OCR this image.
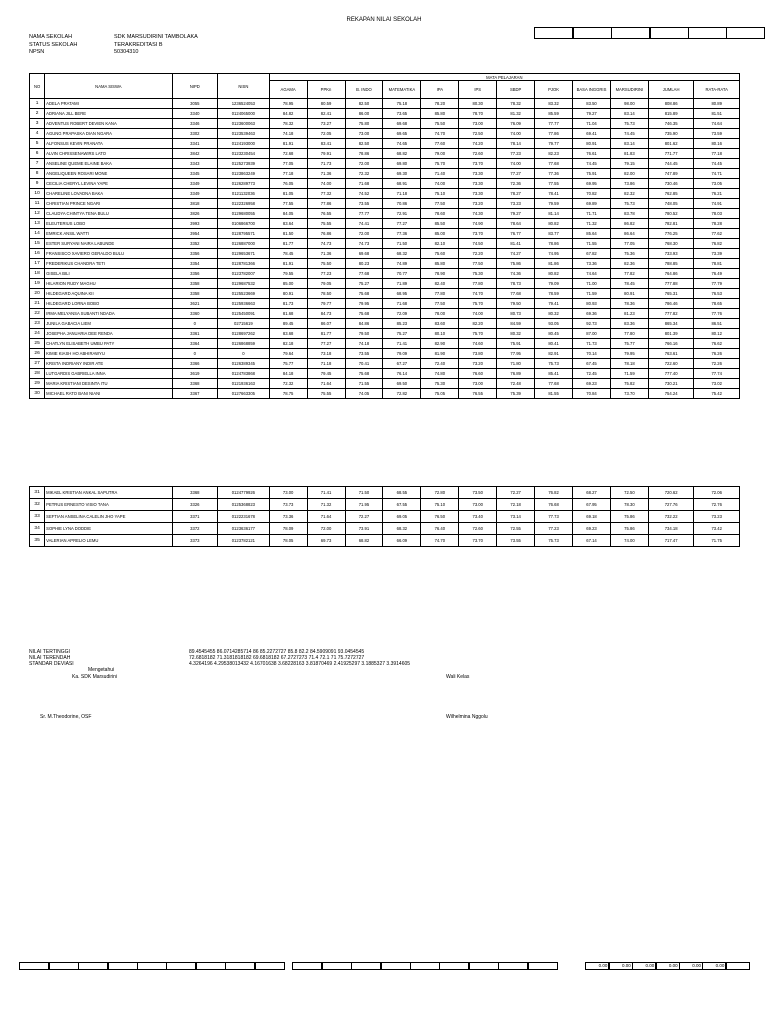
REKAPAN NILAI SEKOLAH
NAMA SEKOLAH	SDK MARSUDIRINI TAMBOLAKA
STATUS SEKOLAH	TERAKREDITASI B
NPSN	50304310
NO	NAMA SISWA	NIPD	NISN	MATA PELAJARAN											
				AGAMA	PPKn	B. INDO	MATEMATIKA	IPA	IPS	SBDP	PJOK	BASA INGGRIS	MARSUDIRINI	JUMLAH	RATA-RATA
1	ADELA PRATAMI	3055	1236524053	78.95	80.59	82.50	75.18	78.20	80.30	78.32	83.32	83.50	98.00	808.86	80.89
2	ADRIANA JILL BERE	3340	0124065000	84.82	82.41	86.00	73.65	85.80	78.70	81.32	85.59	79.27	83.14	815.89	81.51
3	ADVENTUS ROBERT DEVIEN KANA	3346	0123600063	78.32	73.27	75.80	69.68	75.50	73.00	76.09	77.77	71.04	75.73	746.35	74.64
4	AGUNG PRAPASKA DIAN NGARA	3302	0123539463	74.18	72.05	73.00	69.65	74.70	72.50	74.00	77.86	69.41	74.45	735.90	73.59
5	ALFONSUS KEVIN PRANATA	3341	0124193000	81.91	83.41	82.50	74.65	77.60	74.20	78.14	79.77	80.91	83.14	801.62	80.16
6	ALVIN CHRISSENAWIRS LATO	3842	0123230454	72.68	79.91	78.86	68.82	79.00	72.60	77.23	82.23	76.61	81.83	771.77	77.18
7	ANSELINE QUEME ELAINE BAKA	3343	0125273939	77.05	71.73	72.00	69.80	75.70	73.70	74.00	77.68	74.45	79.15	744.45	74.45
8	ANGELIQUEEN ROSARI MONE	3345	0123863249	77.18	71.36	72.32	69.30	71.40	73.30	77.27	77.36	75.91	82.00	747.89	74.71
9	CECILIA CHERYL LEVINA YAPE	3349	0126289773	76.05	74.00	71.68	68.91	74.00	73.30	72.36	77.55	69.95	73.86	730.46	73.05
10	CHARELINE LOVADNA BAKA	3349	0121132036	81.05	77.32	74.52	71.18	75.10	73.30	78.27	78.41	70.82	82.32	762.85	76.21
11	CHRISTIAN PRINCE NGARI	3818	0122326958	77.55	77.86	73.55	70.86	77.50	73.20	73.23	79.59	69.89	75.73	748.05	74.91
12	CLAUDYA CHINTYA TENA BULU	3826	0129680055	84.05	76.55	77.77	72.91	78.60	74.30	79.27	81.14	71.71	83.78	780.52	78.03
13	ELEUTERIUS LOBO	3993	0106866700	83.64	75.55	74.41	77.27	85.50	74.90	78.64	80.82	71.32	86.82	782.81	78.28
14	EMRICK ANSIL WATTI	3954	0128795571	81.50	76.86	72.00	77.36	85.00	73.70	76.77	83.77	85.64	86.64	776.25	77.62
15	ESTER SURYANI NAIRA LABUNDE	3352	0126887000	81.77	74.73	74.73	71.50	82.10	74.50	81.41	78.86	71.55	77.05	768.30	76.82
16	FRANSISCO XAVIERO GERALDO BULU	3356	0129653671	78.45	71.36	69.68	68.32	75.60	72.20	74.27	74.95	67.82	75.36	733.93	73.39
17	FREDERIKUS CHANDRA TETI	3354	0128781366	81.91	75.50	80.23	74.89	85.80	77.50	75.86	81.86	73.36	82.36	788.85	78.81
18	GISELA BILI	3356	0123782007	79.55	77.23	77.68	70.77	78.90	75.30	74.36	80.82	74.64	77.82	764.86	76.49
19	HILARION RUDY MAGHU	3358	0129687532	85.00	79.05	75.27	71.89	82.40	77.80	78.73	79.09	71.00	78.45	777.88	77.79
20	HILDEGARD AQUINA KII	3358	0125523669	80.91	78.50	75.68	68.95	77.80	74.70	77.68	78.59	71.59	80.91	765.31	76.53
21	HILDEGARD LORNA BOBO	3621	0125936663	81.73	79.77	79.95	71.68	77.50	75.70	79.50	79.41	80.93	78.36	786.46	78.65
22	IRMA MELYANSA SUBANTI NDADA	3360	0125450091	81.68	84.73	75.68	72.09	78.00	74.00	80.73	80.32	69.36	81.23	777.82	77.76
23	JUNILA GABACIA LIEM	0	02715619	89.45	86.07	84.86	85.23	83.60	82.20	84.59	93.05	92.73	83.36	865.34	86.51
24	JOSEPHA JANUARIA DEE RENDA	3361	0128697262	83.68	81.77	79.50	75.27	80.10	75.70	80.32	80.45	87.00	77.80	801.39	80.12
25	CHATLYN ELISABETH UMBU PATY	3364	0126868859	82.18	77.27	74.18	71.41	82.90	74.60	75.91	80.41	71.73	75.77	766.16	76.62
26	KIMIE KIASH HO ABHIRAWYU	0	0	79.64	73.18	73.55	79.09	81.90	73.80	77.95	82.91	70.14	79.95	763.61	76.26
27	KRISTA INDRIANY INDIR ATE	3366	0126389345	75.77	71.18	70.41	67.27	72.40	73.20	71.80	75.73	67.45	78.18	722.60	72.26
28	LUTGARDIS GABRIELLA INNA	3619	0124783868	84.18	79.45	75.68	76.14	74.80	76.60	76.89	85.41	72.45	71.59	777.40	77.74
29	MARIA KRISTIANI DESINTA ITU	3368	0121936163	72.32	71.64	71.55	69.50	75.30	73.00	72.48	77.68	69.23	75.82	730.21	73.02
30	MICHAEL RATO BANI NIANI	3367	0127663305	78.75	75.55	74.05	72.82	75.05	76.55	75.39	81.55	70.84	73.70	754.24	75.42
31	MIKAEL KRISTIAN ANKAL SAPUTRA	3368	0124779926	73.00	71.41	71.50	68.55	72.80	73.50	72.27	76.82	68.27	72.50	720.62	72.06
32	PETRUS ERNESTO VISIO TANA	3326	0125368823	73.73	71.32	71.95	67.55	75.10	73.00	72.18	76.68	67.95	78.30	727.76	72.76
33	SEFTIAN ANSELINA CALELIN JHO YAPE	3371	0122231678	73.36	71.64	72.27	69.05	76.50	73.40	73.14	77.73	69.18	75.86	732.22	73.23
34	SOPHIE LYNA DODDIE	3372	0123636177	78.09	72.00	73.91	68.32	76.40	72.60	72.55	77.23	69.23	75.86	734.18	73.42
35	VALERIAN APRELIO LEMU	3373	0123782121	78.05	69.73	68.82	66.09	74.70	73.70	73.55	75.73	67.14	74.00	717.47	71.75
NILAI TERTINGGI	89.4545455 86.0714285714 86 85.2272727 85.8 82.2 84.5909091 93.0454545
NILAI TERENDAH	72.6818182 71.3181818182 69.6818182 67.2727273 71.4 72.1 71 75.7272727
STANDAR DEVIASI	4.3264196 4.29538013432 4.16701638 3.68228163 3.81870469 2.41925297 3.1885327 3.3914605
Mengetahui
Ka. SDK Marsudirini	Wali Kelas
Sr. M.Theodorine, OSF	Wilhelmina Nggolu
0.00	0.00	0.00	0.00	0.00	0.00
